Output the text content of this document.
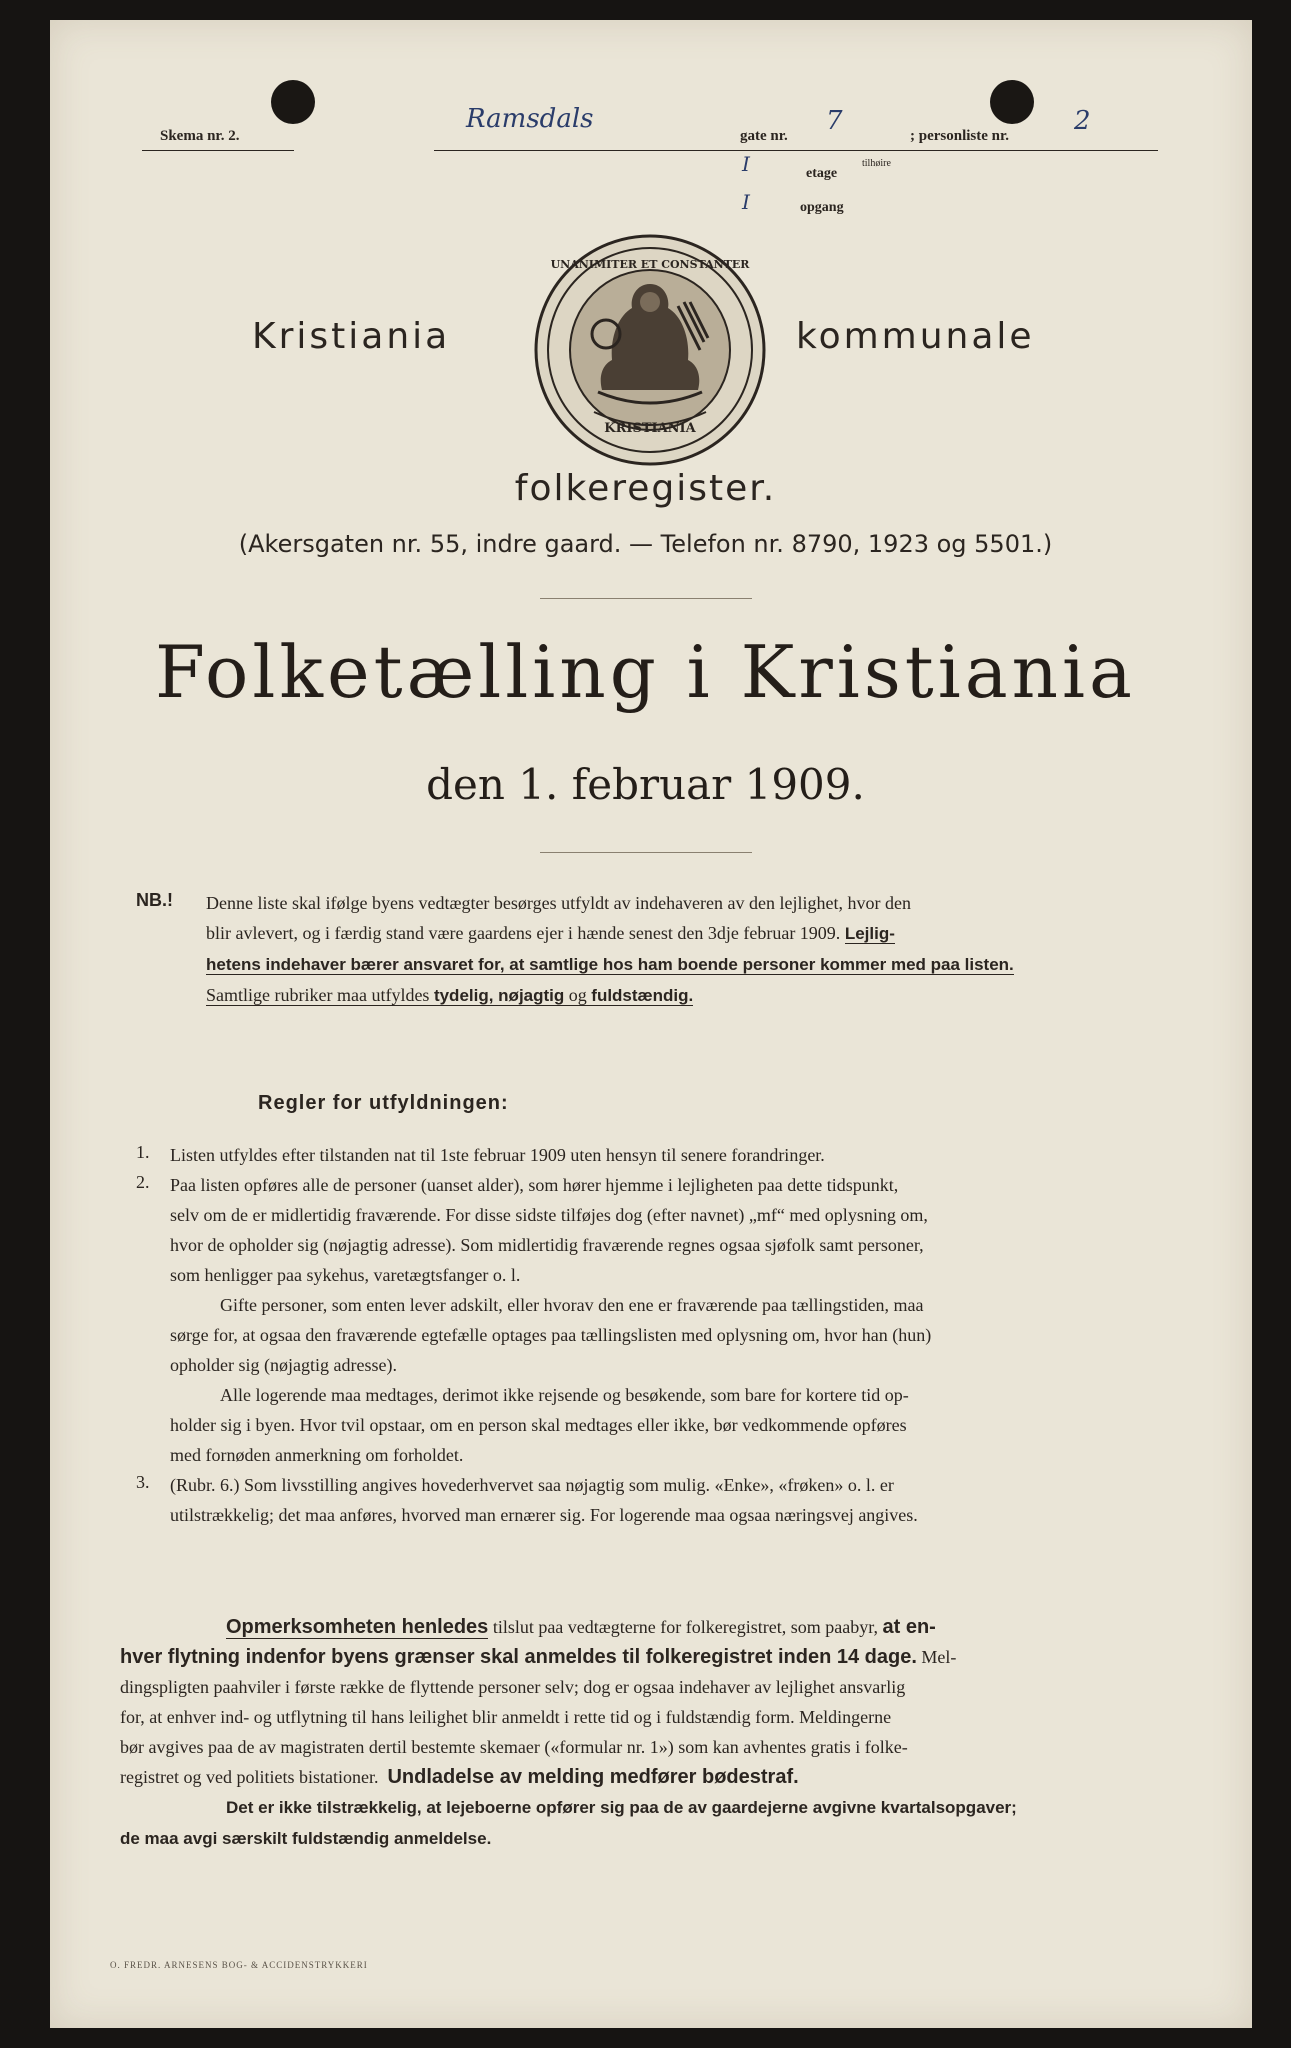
Skema nr. 2.
Ramsdals
gate nr. 7	; personliste nr. 2
I	etage
tilhøire
I	opgang
Kristiania
KRISTIANIA
UNANIMITER ET CONSTANTER
kommunale
folkeregister.
(Akersgaten nr. 55, indre gaard. — Telefon nr. 8790, 1923 og 5501.)
Folketælling i Kristiania
den 1. februar 1909.
NB.! Denne liste skal ifølge byens vedtægter besørges utfyldt av indehaveren av den lejlighet, hvor den
blir avlevert, og i færdig stand være gaardens ejer i hænde senest den 3dje februar 1909. Lejlig-
hetens indehaver bærer ansvaret for, at samtlige hos ham boende personer kommer med paa listen.
Samtlige rubriker maa utfyldes tydelig, nøjagtig og fuldstændig.
Regler for utfyldningen:
1. Listen utfyldes efter tilstanden nat til 1ste februar 1909 uten hensyn til senere forandringer.
2. Paa listen opføres alle de personer (uanset alder), som hører hjemme i lejligheten paa dette tidspunkt,
selv om de er midlertidig fraværende. For disse sidste tilføjes dog (efter navnet) „mf“ med oplysning om,
hvor de opholder sig (nøjagtig adresse). Som midlertidig fraværende regnes ogsaa sjøfolk samt personer,
som henligger paa sykehus, varetægtsfanger o. l.
Gifte personer, som enten lever adskilt, eller hvorav den ene er fraværende paa tællingstiden, maa
sørge for, at ogsaa den fraværende egtefælle optages paa tællingslisten med oplysning om, hvor han (hun)
opholder sig (nøjagtig adresse).
Alle logerende maa medtages, derimot ikke rejsende og besøkende, som bare for kortere tid op-
holder sig i byen. Hvor tvil opstaar, om en person skal medtages eller ikke, bør vedkommende opføres
med fornøden anmerkning om forholdet.
3. (Rubr. 6.) Som livsstilling angives hovederhvervet saa nøjagtig som mulig. «Enke», «frøken» o. l. er
utilstrækkelig; det maa anføres, hvorved man ernærer sig. For logerende maa ogsaa næringsvej angives.
Opmerksomheten henledes tilslut paa vedtægterne for folkeregistret, som paabyr, at en-
hver flytning indenfor byens grænser skal anmeldes til folkeregistret inden 14 dage. Mel-
dingspligten paahviler i første række de flyttende personer selv; dog er ogsaa indehaver av lejlighet ansvarlig
for, at enhver ind- og utflytning til hans leilighet blir anmeldt i rette tid og i fuldstændig form. Meldingerne
bør avgives paa de av magistraten dertil bestemte skemaer («formular nr. 1») som kan avhentes gratis i folke-
registret og ved politiets bistationer. Undladelse av melding medfører bødestraf.
Det er ikke tilstrækkelig, at lejeboerne opfører sig paa de av gaardejerne avgivne kvartalsopgaver;
de maa avgi særskilt fuldstændig anmeldelse.
O. FREDR. ARNESENS BOG- & ACCIDENSTRYKKERI
